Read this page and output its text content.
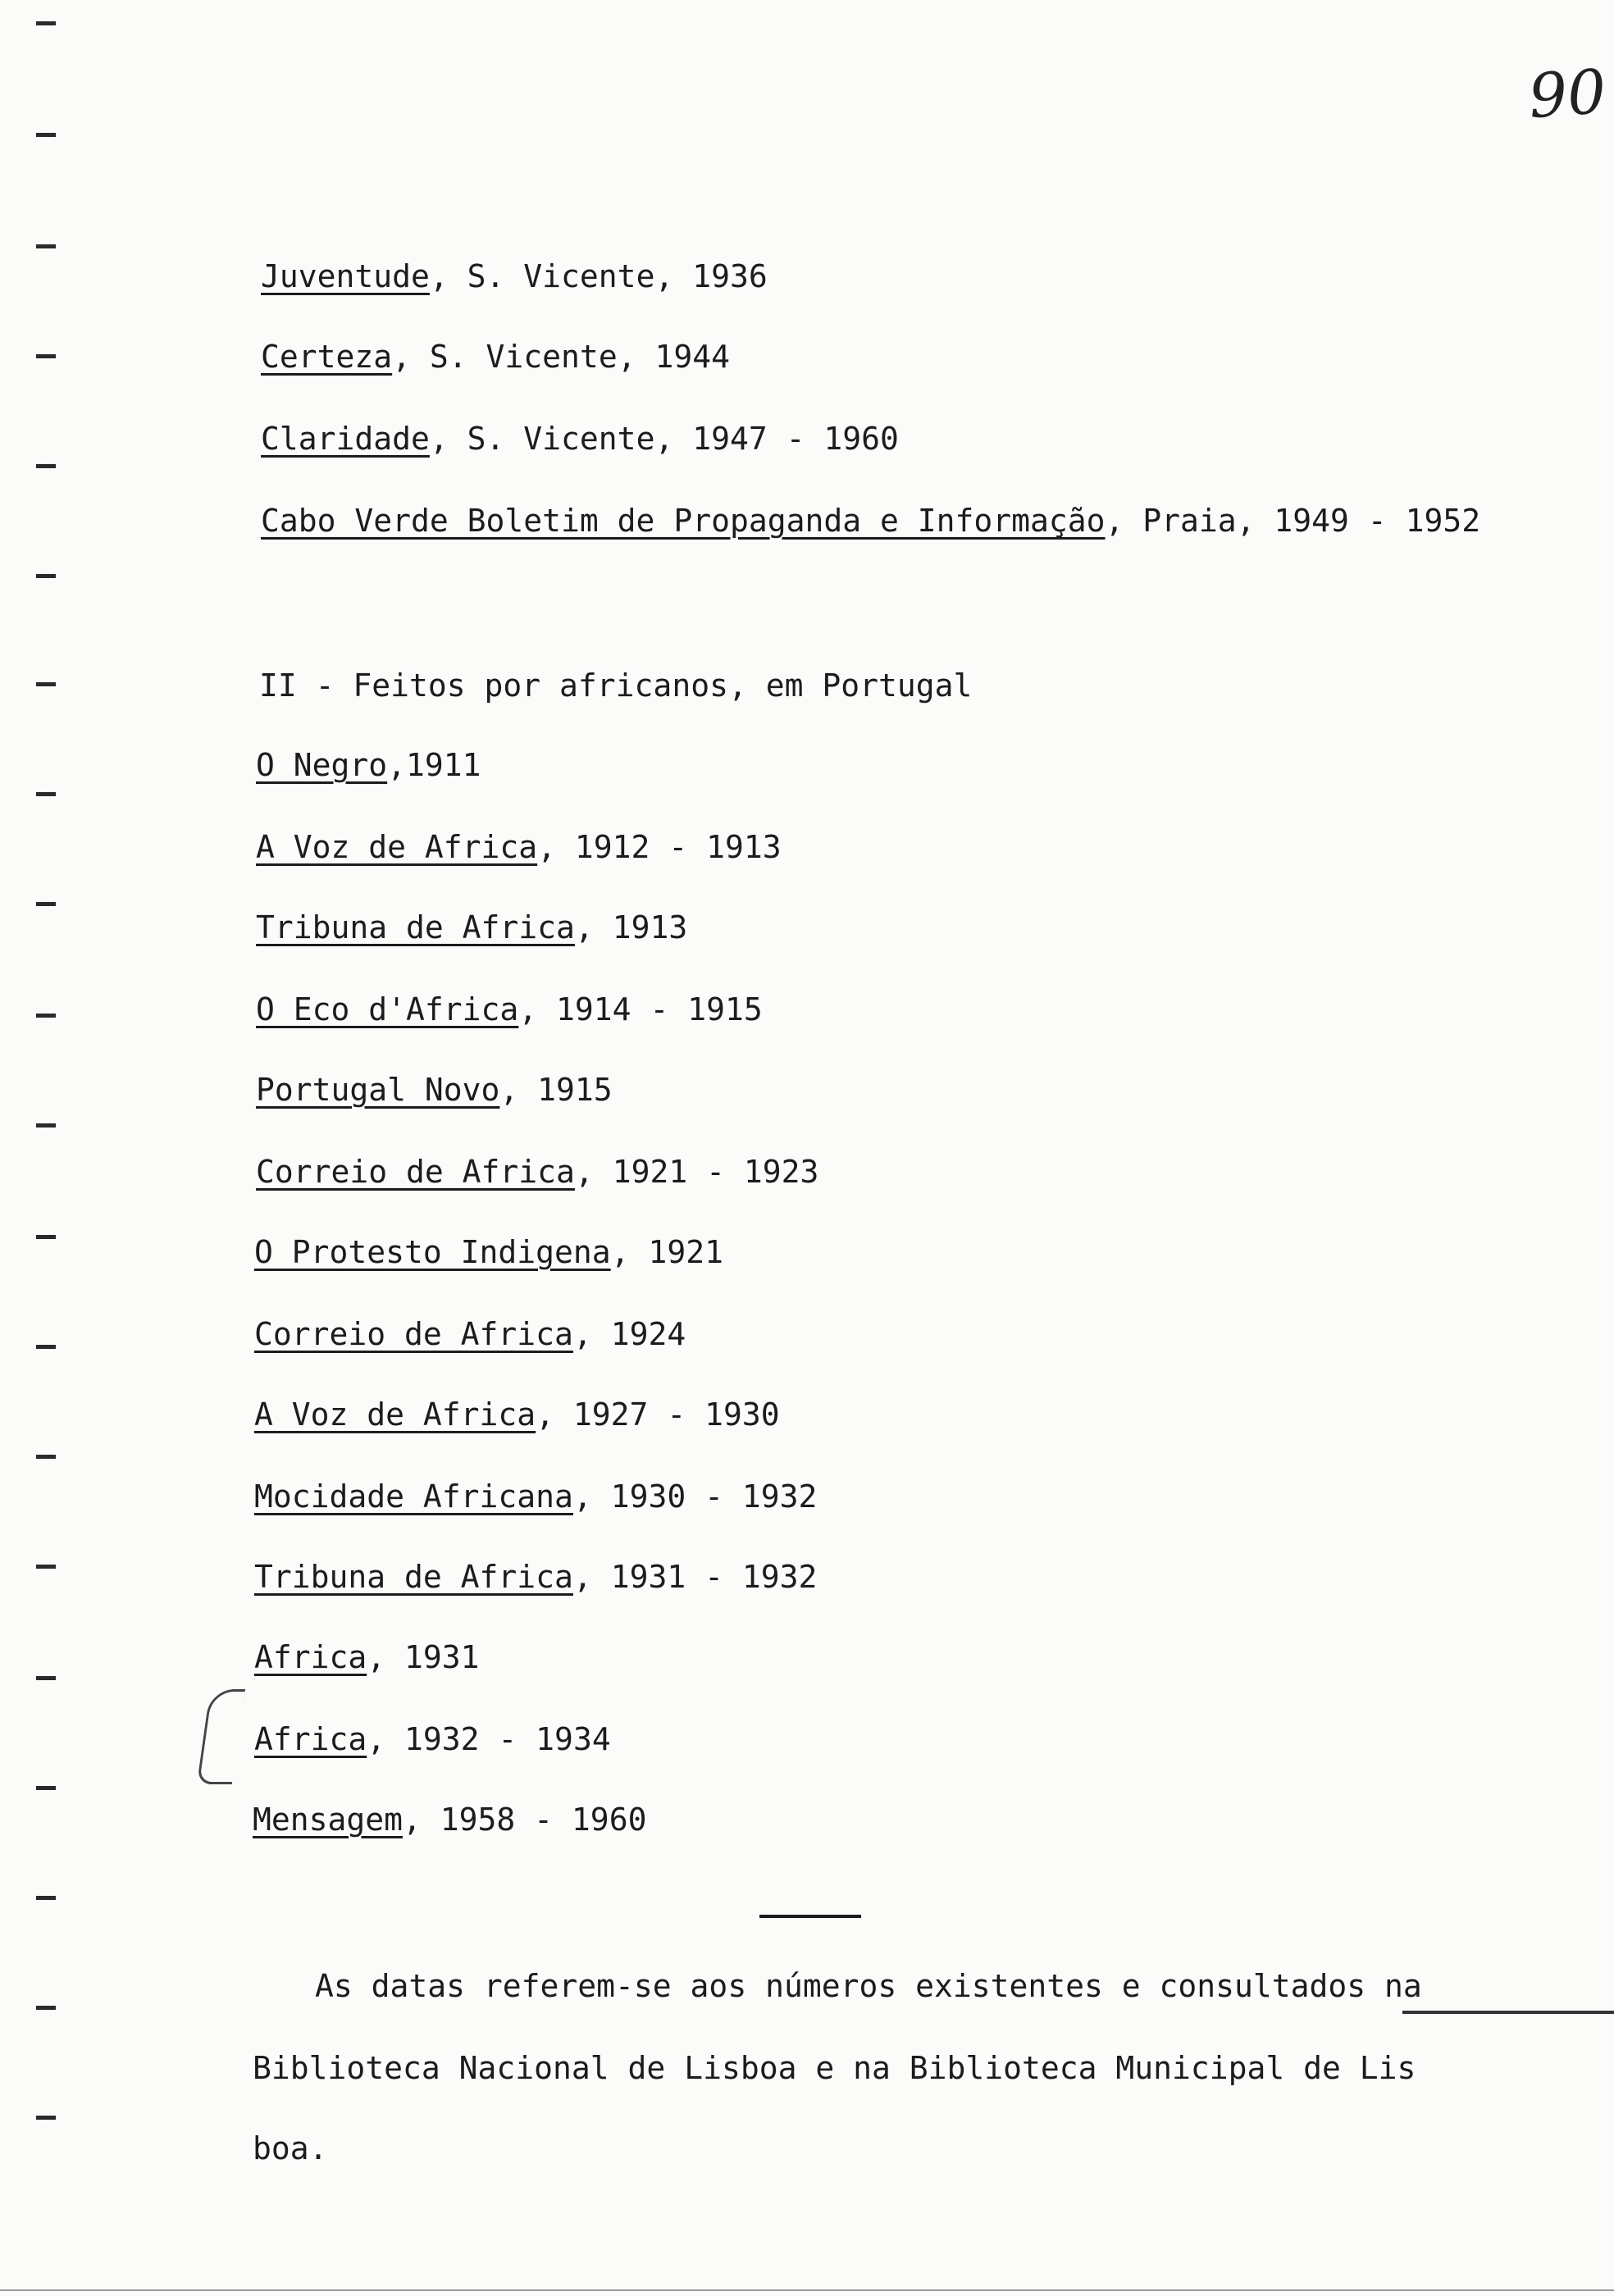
90
Juventude, S. Vicente, 1936
Certeza, S. Vicente, 1944
Claridade, S. Vicente, 1947 - 1960
Cabo Verde Boletim de Propaganda e Informação, Praia, 1949 - 1952
II - Feitos por africanos, em Portugal
O Negro,1911
A Voz de Africa, 1912 - 1913
Tribuna de Africa, 1913
O Eco d'Africa, 1914 - 1915
Portugal Novo, 1915
Correio de Africa, 1921 - 1923
O Protesto Indigena, 1921
Correio de Africa, 1924
A Voz de Africa, 1927 - 1930
Mocidade Africana, 1930 - 1932
Tribuna de Africa, 1931 - 1932
Africa, 1931
Africa, 1932 - 1934
Mensagem, 1958 - 1960
As datas referem-se aos números existentes e consultados na
Biblioteca Nacional de Lisboa e na Biblioteca Municipal de Lis
boa.
